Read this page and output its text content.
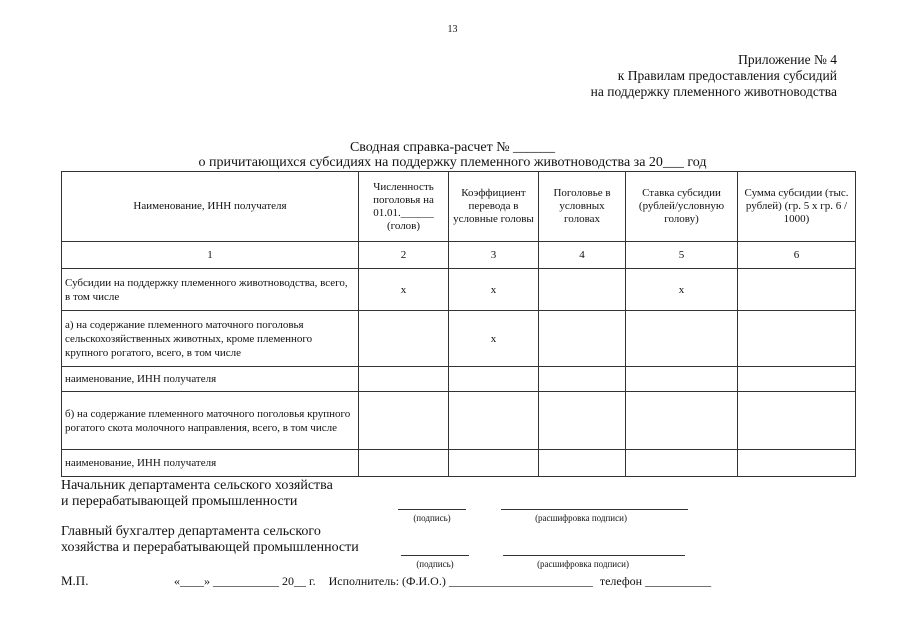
13
Приложение № 4
к Правилам предоставления субсидий
на поддержку племенного животноводства
Сводная справка-расчет № ______
о причитающихся субсидиях на поддержку племенного животноводства за 20___ год
Наименование, ИНН получателя	Численность поголовья на 01.01.______ (голов)	Коэффициент перевода в условные головы	Поголовье в условных головах	Ставка субсидии (рублей/условную голову)	Сумма субсидии (тыс. рублей) (гр. 5 х гр. 6 / 1000)
1	2	3	4	5	6
Субсидии на поддержку племенного животноводства, всего, в том числе	x	x		x	
а) на содержание племенного маточного поголовья сельскохозяйственных животных, кроме племенного крупного рогатого, всего, в том числе		x			
наименование, ИНН получателя					
б) на содержание племенного маточного поголовья крупного рогатого скота молочного направления, всего, в том числе					
наименование, ИНН получателя					
Начальник департамента сельского хозяйства
и перерабатывающей промышленности
(подпись)	(расшифровка подписи)
Главный бухгалтер департамента сельского
хозяйства и перерабатывающей промышленности
(подпись)	(расшифровка подписи)
М.П.	«____» ___________ 20__ г. Исполнитель: (Ф.И.О.) ________________________ телефон ___________
